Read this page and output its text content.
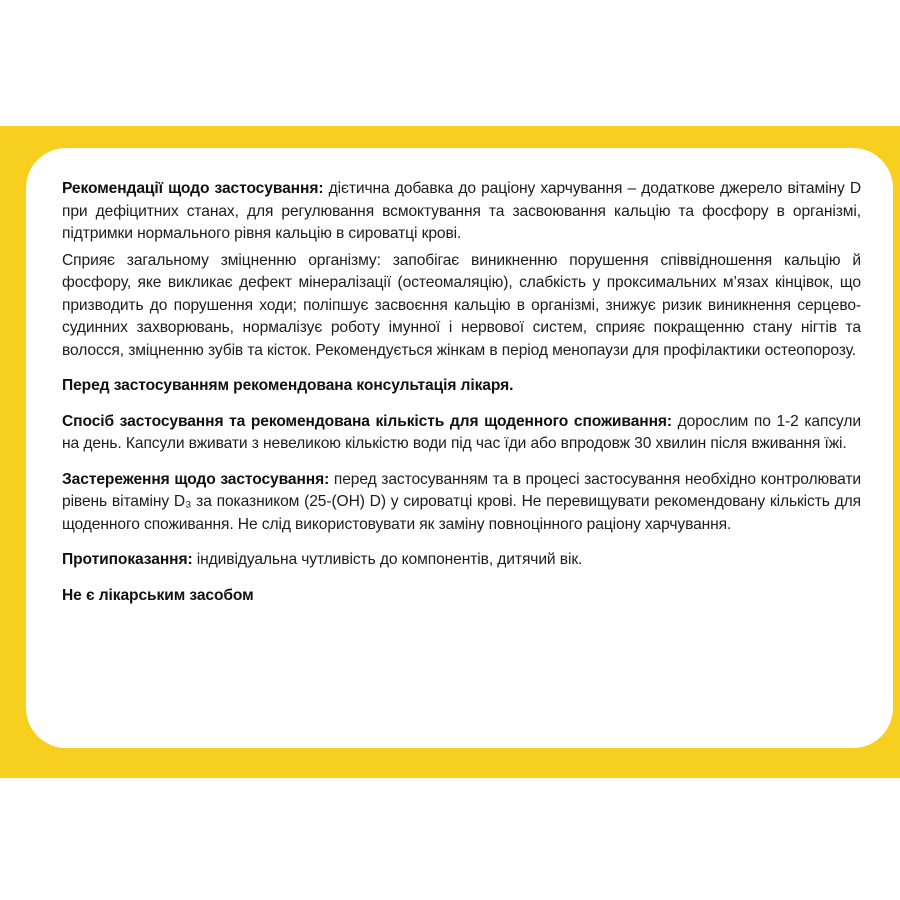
Рекомендації щодо застосування: дієтична добавка до раціону харчування – додаткове джерело вітаміну D при дефіцитних станах, для регулювання всмоктування та засвоювання кальцію та фосфору в організмі, підтримки нормального рівня кальцію в сироватці крові.

Сприяє загальному зміцненню організму: запобігає виникненню порушення співвідношення кальцію й фосфору, яке викликає дефект мінералізації (остеомаляцію), слабкість у проксимальних м’язах кінцівок, що призводить до порушення ходи; поліпшує засвоєння кальцію в організмі, знижує ризик виникнення серцево-судинних захворювань, нормалізує роботу імунної і нервової систем, сприяє покращенню стану нігтів та волосся, зміцненню зубів та кісток. Рекомендується жінкам в період менопаузи для профілактики остеопорозу.

Перед застосуванням рекомендована консультація лікаря.

Спосіб застосування та рекомендована кількість для щоденного споживання: дорослим по 1-2 капсули на день. Капсули вживати з невеликою кількістю води під час їди або впродовж 30 хвилин після вживання їжі.

Застереження щодо застосування: перед застосуванням та в процесі застосування необхідно контролювати рівень вітаміну D₃ за показником (25-(OH) D) у сироватці крові. Не перевищувати рекомендовану кількість для щоденного споживання. Не слід використовувати як заміну повноцінного раціону харчування.

Протипоказання: індивідуальна чутливість до компонентів, дитячий вік.

Не є лікарським засобом
